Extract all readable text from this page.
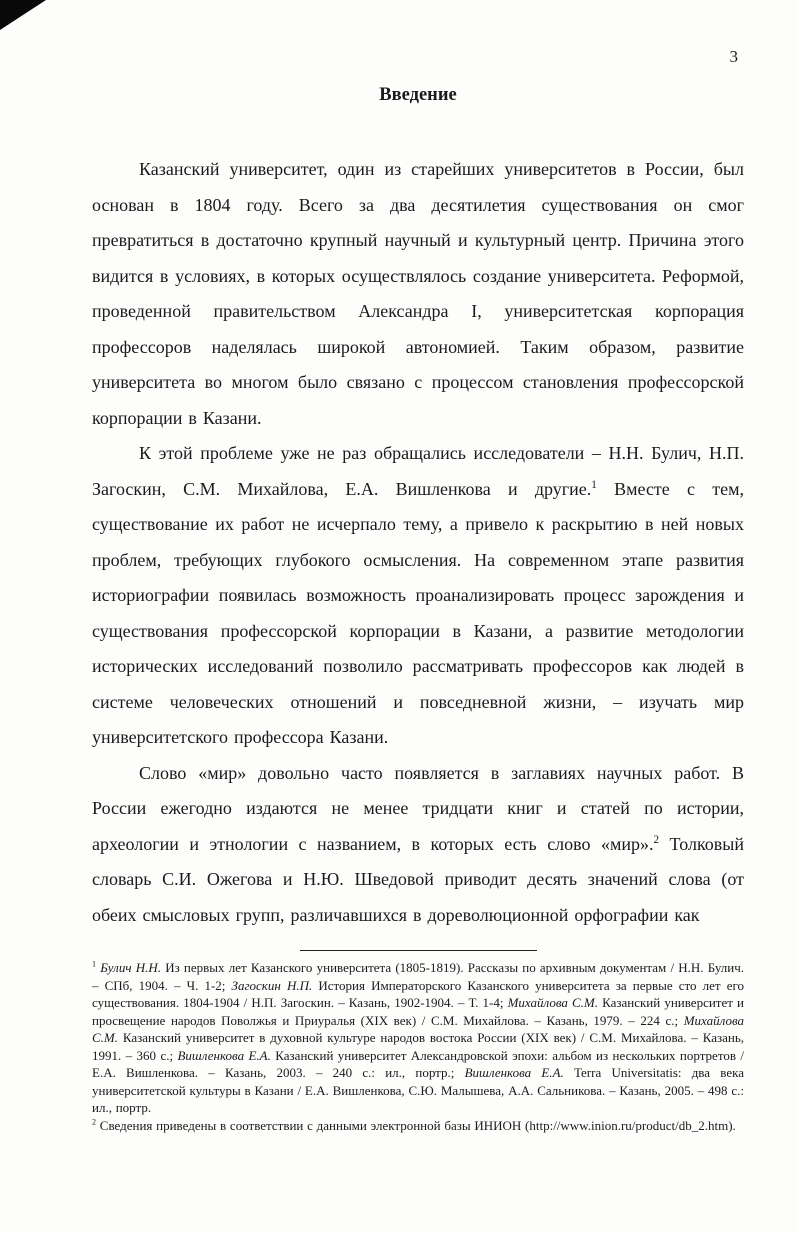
3
Введение

Казанский университет, один из старейших университетов в России, был основан в 1804 году. Всего за два десятилетия существования он смог превратиться в достаточно крупный научный и культурный центр. Причина этого видится в условиях, в которых осуществлялось создание университета. Реформой, проведенной правительством Александра I, университетская корпорация профессоров наделялась широкой автономией. Таким образом, развитие университета во многом было связано с процессом становления профессорской корпорации в Казани.

К этой проблеме уже не раз обращались исследователи – Н.Н. Булич, Н.П. Загоскин, С.М. Михайлова, Е.А. Вишленкова и другие.$^1$ Вместе с тем, существование их работ не исчерпало тему, а привело к раскрытию в ней новых проблем, требующих глубокого осмысления. На современном этапе развития историографии появилась возможность проанализировать процесс зарождения и существования профессорской корпорации в Казани, а развитие методологии исторических исследований позволило рассматривать профессоров как людей в системе человеческих отношений и повседневной жизни, – изучать мир университетского профессора Казани.

Слово «мир» довольно часто появляется в заглавиях научных работ. В России ежегодно издаются не менее тридцати книг и статей по истории, археологии и этнологии с названием, в которых есть слово «мир».$^2$ Толковый словарь С.И. Ожегова и Н.Ю. Шведовой приводит десять значений слова (от обеих смысловых групп, различавшихся в дореволюционной орфографии как

$^1$ Булич Н.Н. Из первых лет Казанского университета (1805-1819). Рассказы по архивным документам / Н.Н. Булич. – СПб, 1904. – Ч. 1-2; Загоскин Н.П. История Императорского Казанского университета за первые сто лет его существования. 1804-1904 / Н.П. Загоскин. – Казань, 1902-1904. – Т. 1-4; Михайлова С.М. Казанский университет и просвещение народов Поволжья и Приуралья (XIX век) / С.М. Михайлова. – Казань, 1979. – 224 с.; Михайлова С.М. Казанский университет в духовной культуре народов востока России (XIX век) / С.М. Михайлова. – Казань, 1991. – 360 с.; Вишленкова Е.А. Казанский университет Александровской эпохи: альбом из нескольких портретов / Е.А. Вишленкова. – Казань, 2003. – 240 с.: ил., портр.; Вишленкова Е.А. Terra Universitatis: два века университетской культуры в Казани / Е.А. Вишленкова, С.Ю. Малышева, А.А. Сальникова. – Казань, 2005. – 498 с.: ил., портр.

$^2$ Сведения приведены в соответствии с данными электронной базы ИНИОН (http://www.inion.ru/product/db_2.htm).
